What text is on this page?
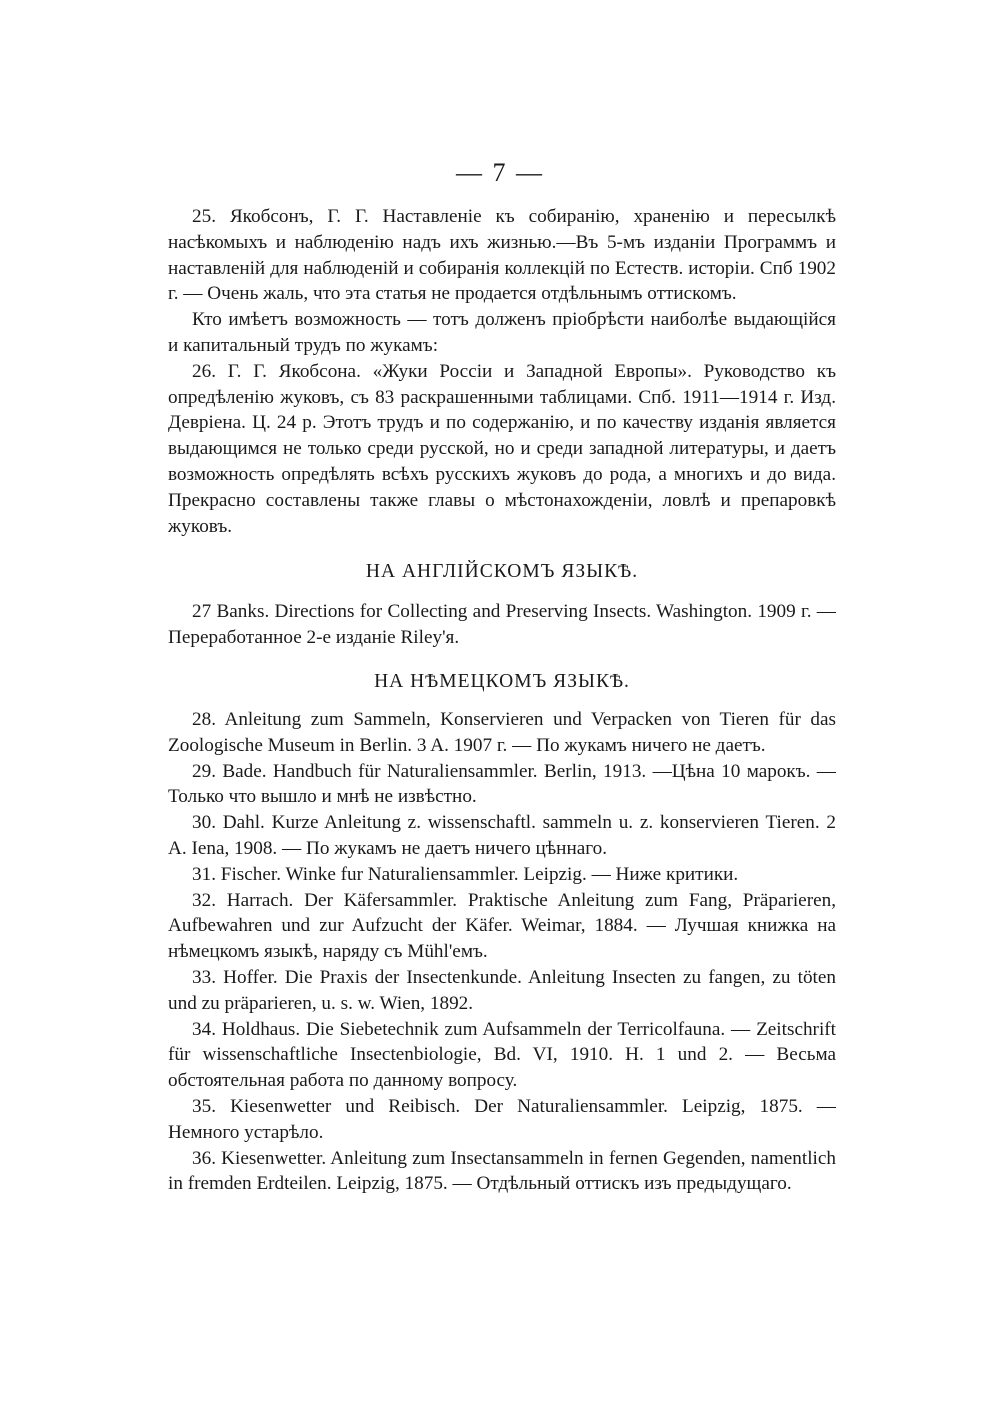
— 7 —

25. Якобсонъ, Г. Г. Наставленіе къ собиранію, храненію и пересылкѣ насѣкомыхъ и наблюденію надъ ихъ жизнью.—Въ 5-мъ изданіи Программъ и наставленій для наблюденій и собиранія коллекцій по Естеств. исторіи. Спб 1902 г. — Очень жаль, что эта статья не продается отдѣльнымъ оттискомъ.

Кто имѣетъ возможность — тотъ долженъ пріобрѣсти наиболѣе выдающійся и капитальный трудъ по жукамъ:

26. Г. Г. Якобсона. «Жуки Россіи и Западной Европы». Руководство къ опредѣленію жуковъ, съ 83 раскрашенными таблицами. Спб. 1911—1914 г. Изд. Девріена. Ц. 24 р. Этотъ трудъ и по содержанію, и по качеству изданія является выдающимся не только среди русской, но и среди западной литературы, и даетъ возможность опредѣлять всѣхъ русскихъ жуковъ до рода, а многихъ и до вида. Прекрасно составлены также главы о мѣстонахожденіи, ловлѣ и препаровкѣ жуковъ.

НА АНГЛІЙСКОМЪ ЯЗЫКѢ.

27 Banks. Directions for Collecting and Preserving Insects. Washington. 1909 г. — Переработанное 2-е изданіе Riley'я.

НА НѢМЕЦКОМЪ ЯЗЫКѢ.

28. Anleitung zum Sammeln, Konservieren und Verpacken von Tieren für das Zoologische Museum in Berlin. 3 A. 1907 г. — По жукамъ ничего не даетъ.

29. Bade. Handbuch für Naturaliensammler. Berlin, 1913. —Цѣна 10 марокъ. — Только что вышло и мнѣ не извѣстно.

30. Dahl. Kurze Anleitung z. wissenschaftl. sammeln u. z. konservieren Tieren. 2 A. Iena, 1908. — По жукамъ не даетъ ничего цѣннаго.

31. Fischer. Winke fur Naturaliensammler. Leipzig. — Ниже критики.

32. Harrach. Der Käfersammler. Praktische Anleitung zum Fang, Präparieren, Aufbewahren und zur Aufzucht der Käfer. Weimar, 1884. — Лучшая книжка на нѣмецкомъ языкѣ, наряду съ Mühl'емъ.

33. Hoffer. Die Praxis der Insectenkunde. Anleitung Insecten zu fangen, zu töten und zu präparieren, u. s. w. Wien, 1892.

34. Holdhaus. Die Siebetechnik zum Aufsammeln der Terricolfauna. — Zeitschrift für wissenschaftliche Insectenbiologie, Bd. VI, 1910. H. 1 und 2. — Весьма обстоятельная работа по данному вопросу.

35. Kiesenwetter und Reibisch. Der Naturaliensammler. Leipzig, 1875. — Немного устарѣло.

36. Kiesenwetter. Anleitung zum Insectansammeln in fernen Gegenden, namentlich in fremden Erdteilen. Leipzig, 1875. — Отдѣльный оттискъ изъ предыдущаго.
